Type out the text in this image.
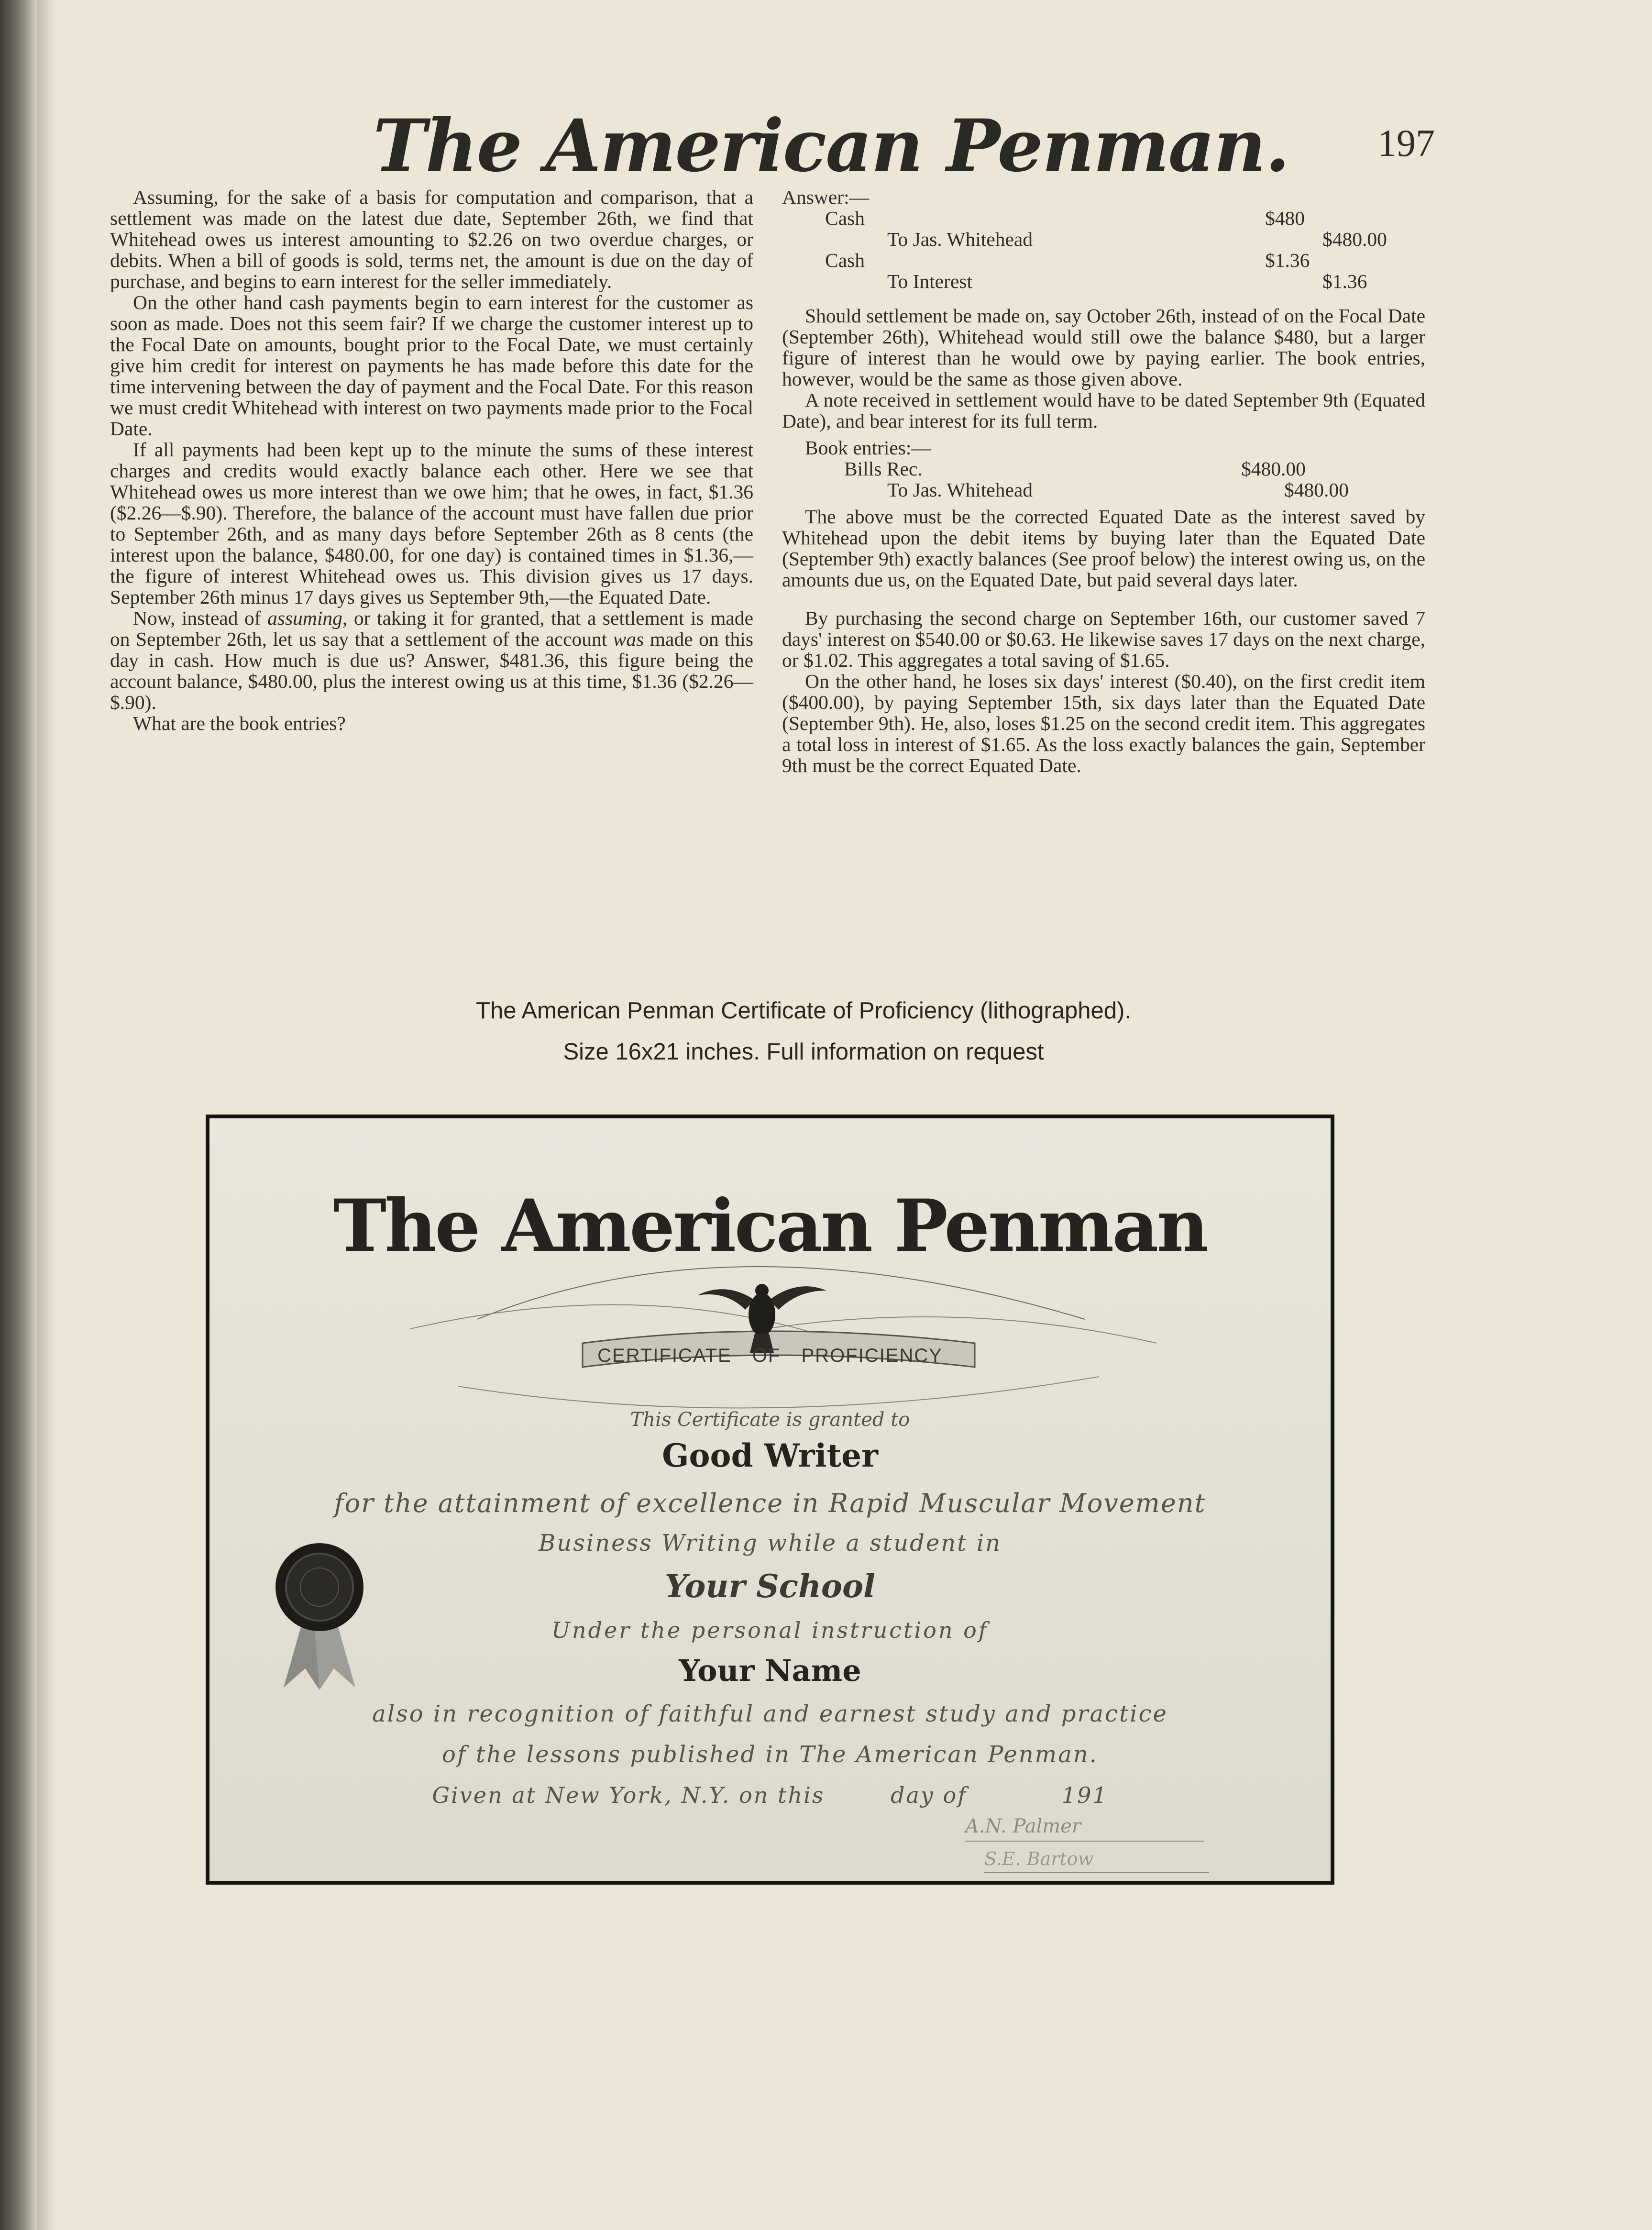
The American Penman. 197

Assuming, for the sake of a basis for computation and comparison, that a settlement was made on the latest due date, September 26th, we find that Whitehead owes us interest amounting to $2.26 on two overdue charges, or debits. When a bill of goods is sold, terms net, the amount is due on the day of purchase, and begins to earn interest for the seller immediately.

On the other hand cash payments begin to earn interest for the customer as soon as made. Does not this seem fair? If we charge the customer interest up to the Focal Date on amounts, bought prior to the Focal Date, we must certainly give him credit for interest on payments he has made before this date for the time intervening between the day of payment and the Focal Date. For this reason we must credit Whitehead with interest on two payments made prior to the Focal Date.

If all payments had been kept up to the minute the sums of these interest charges and credits would exactly balance each other. Here we see that Whitehead owes us more interest than we owe him; that he owes, in fact, $1.36 ($2.26—$.90). Therefore, the balance of the account must have fallen due prior to September 26th, and as many days before September 26th as 8 cents (the interest upon the balance, $480.00, for one day) is contained times in $1.36,—the figure of interest Whitehead owes us. This division gives us 17 days. September 26th minus 17 days gives us September 9th,—the Equated Date.

Now, instead of assuming, or taking it for granted, that a settlement is made on September 26th, let us say that a settlement of the account was made on this day in cash. How much is due us? Answer, $481.36, this figure being the account balance, $480.00, plus the interest owing us at this time, $1.36 ($2.26—$.90).

What are the book entries?

Answer:—

Cash	$480
To Jas. Whitehead	$480.00
Cash	$1.36
To Interest	$1.36

Should settlement be made on, say October 26th, instead of on the Focal Date (September 26th), Whitehead would still owe the balance $480, but a larger figure of interest than he would owe by paying earlier. The book entries, however, would be the same as those given above.

A note received in settlement would have to be dated September 9th (Equated Date), and bear interest for its full term.

Book entries:—

Bills Rec.	$480.00
To Jas. Whitehead	$480.00

The above must be the corrected Equated Date as the interest saved by Whitehead upon the debit items by buying later than the Equated Date (September 9th) exactly balances (See proof below) the interest owing us, on the amounts due us, on the Equated Date, but paid several days later.

By purchasing the second charge on September 16th, our customer saved 7 days' interest on $540.00 or $0.63. He likewise saves 17 days on the next charge, or $1.02. This aggregates a total saving of $1.65.

On the other hand, he loses six days' interest ($0.40), on the first credit item ($400.00), by paying September 15th, six days later than the Equated Date (September 9th). He, also, loses $1.25 on the second credit item. This aggregates a total loss in interest of $1.65. As the loss exactly balances the gain, September 9th must be the correct Equated Date.

The American Penman Certificate of Proficiency (lithographed).
Size 16x21 inches. Full information on request
The American Penman
CERTIFICATE OF PROFICIENCY
This Certificate is granted to
Good Writer
for the attainment of excellence in Rapid Muscular Movement
Business Writing while a student in
Your School
Under the personal instruction of
Your Name
also in recognition of faithful and earnest study and practice
of the lessons published in The American Penman.
Given at New York, N.Y. on this	day of	191
A.N. Palmer
S.E. Bartow
